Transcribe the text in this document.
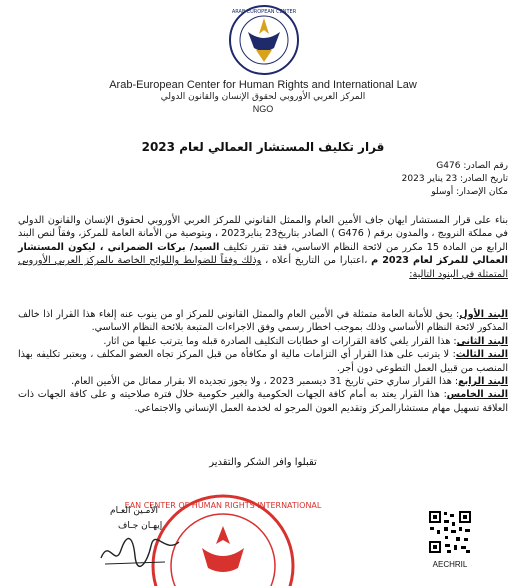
ARAB EUROPEAN CENTER
Arab-European Center for Human Rights and International Law
المركز العربي الأوروبي لحقوق الإنسان والقانون الدولي
NGO
قرار تكليف المستشار العمالي لعام 2023
رقم الصادر: G476
تاريخ الصادر: 23 يناير 2023
مكان الإصدار: أوسلو

بناء على قرار المستشار ايهان جاف الأمين العام والممثل القانوني للمركز العربي الأوروبي لحقوق الإنسان والقانون الدولي في مملكة النرويج ، والمدون برقم ( G476 ) الصادر بتاريخ23 يناير2023 ، وبتوصية من الأمانة العامة للمركز، وفقاً لنص البند الرابع من المادة 15 مكرر من لائحة النظام الاساسي، فقد تقرر تكليف السيد/ بركات الضمراني ، ليكون المستشار العمالي للمركز لعام 2023 م ،اعتبارا من التاريخ أعلاه ، وذلك وفقاً للضوابط واللوائح الخاصة بالمركز العربي الأوروبي المتمثلة في البنود التالية:

البند الأول: يحق للأمانة العامة متمثلة في الأمين العام والممثل القانوني للمركز او من ينوب عنه إلغاء هذا القرار اذا خالف المذكور لائحة النظام الأساسي وذلك بموجب اخطار رسمي وفق الاجراءات المتبعة بلائحة النظام الاساسي.

البند الثاني: هذا القرار يلغي كافة القرارات او خطابات التكليف الصادرة قبله وما يترتب عليها من اثار.

البند الثالث: لا يترتب على هذا القرار أي التزامات مالية او مكافأة من قبل المركز تجاه العضو المكلف ، ويعتبر تكليفه بهذا المنصب من قبيل العمل التطوعي دون أجر.

البند الرابع: هذا القرار ساري حتي تاريخ 31 ديسمبر 2023 ، ولا يجوز تجديده الا بقرار مماثل من الأمين العام.

البند الخامس: هذا القرار يعتد به أمام كافة الجهات الحكومية والغير حكومية خلال فترة صلاحيته و على كافة الجهات ذات العلاقة تسهيل مهام مستشارالمركز وتقديم العون المرجو له لخدمة العمل الإنساني والاجتماعي.

تقبلوا وافر الشكر والتقدير
EAN CENTER OF HUMAN RIGHTS INTERNATIONAL
الأمـين العـام
إيهـان جـاف
AECHRIL
